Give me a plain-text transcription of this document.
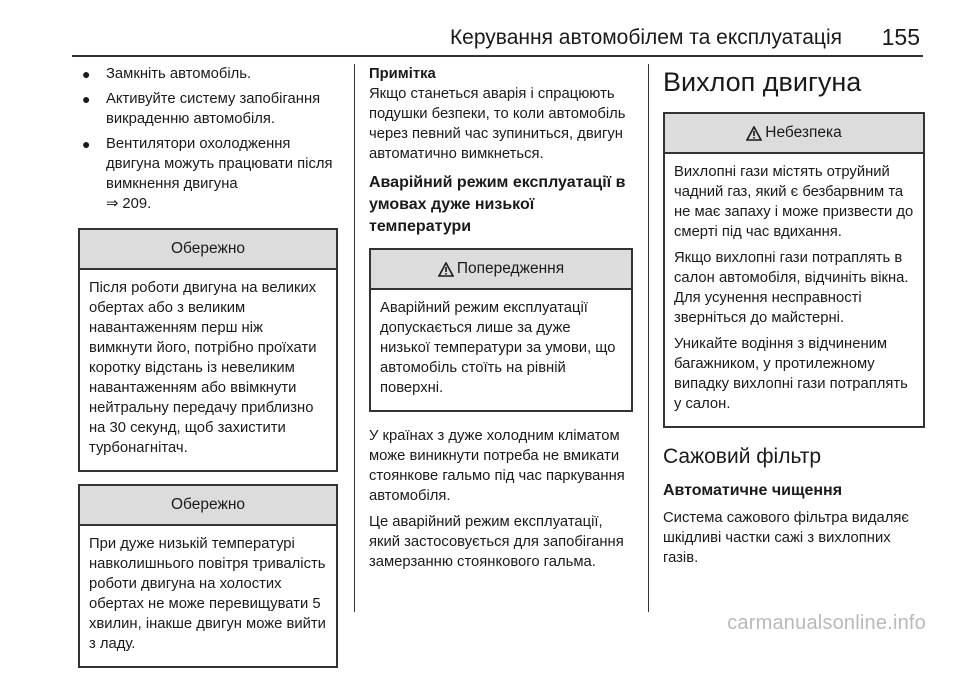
Керування автомобілем та експлуатація 155
● Замкніть автомобіль.
● Активуйте систему запобігання викраденню автомобіля.
● Вентилятори охолодження двигуна можуть працювати після вимкнення двигуна
⇒ 209.
Обережно

Після роботи двигуна на великих обертах або з великим навантаженням перш ніж вимкнути його, потрібно проїхати коротку відстань із невеликим навантаженням або ввімкнути нейтральну передачу приблизно на 30 секунд, щоб захистити турбонагнітач.

Обережно

При дуже низькій температурі навколишнього повітря тривалість роботи двигуна на холостих обертах не може перевищувати 5 хвилин, інакше двигун може вийти з ладу.

Примітка

Якщо станеться аварія і спрацюють подушки безпеки, то коли автомобіль через певний час зупиниться, двигун автоматично вимкнеться.

Аварійний режим експлуатації в умовах дуже низької температури
Попередження

Аварійний режим експлуатації допускається лише за дуже низької температури за умови, що автомобіль стоїть на рівній поверхні.

У країнах з дуже холодним кліматом може виникнути потреба не вмикати стоянкове гальмо під час паркування автомобіля.

Це аварійний режим експлуатації, який застосовується для запобігання замерзанню стоянкового гальма.

Вихлоп двигуна
Небезпека

Вихлопні гази містять отруйний чадний газ, який є безбарвним та не має запаху і може призвести до смерті під час вдихання.

Якщо вихлопні гази потраплять в салон автомобіля, відчиніть вікна. Для усунення несправності зверніться до майстерні.

Уникайте водіння з відчиненим багажником, у протилежному випадку вихлопні гази потраплять у салон.

Сажовий фільтр
Автоматичне чищення

Система сажового фільтра видаляє шкідливі частки сажі з вихлопних газів.

carmanualsonline.info
